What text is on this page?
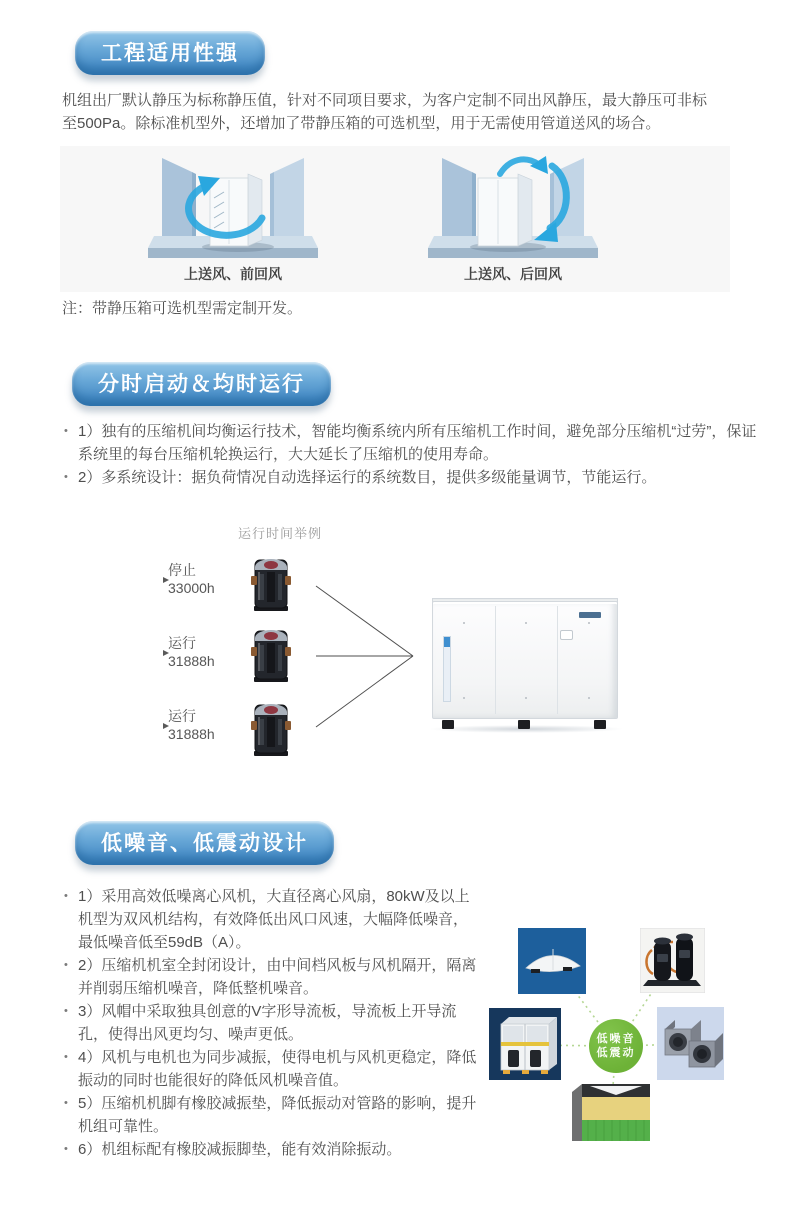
工程适用性强
机组出厂默认静压为标称静压值，针对不同项目要求，为客户定制不同出风静压，最大静压可非标
至500Pa。除标准机型外，还增加了带静压箱的可选机型，用于无需使用管道送风的场合。
上送风、前回风	上送风、后回风
注：带静压箱可选机型需定制开发。
分时启动＆均时运行
• 1）独有的压缩机间均衡运行技术，智能均衡系统内所有压缩机工作时间，避免部分压缩机“过劳”，保证系统里的每台压缩机轮换运行，大大延长了压缩机的使用寿命。
• 2）多系统设计：据负荷情况自动选择运行的系统数目，提供多级能量调节，节能运行。
运行时间举例
停止
33000h
运行
31888h
运行
31888h
低噪音、低震动设计
• 1）采用高效低噪离心风机，大直径离心风扇，80kW及以上机型为双风机结构，有效降低出风口风速，大幅降低噪音，最低噪音低至59dB（A）。
• 2）压缩机机室全封闭设计，由中间档风板与风机隔开，隔离并削弱压缩机噪音，降低整机噪音。
• 3）风帽中采取独具创意的V字形导流板，导流板上开导流孔，使得出风更均匀、噪声更低。
• 4）风机与电机也为同步减振，使得电机与风机更稳定，降低振动的同时也能很好的降低风机噪音值。
• 5）压缩机机脚有橡胶减振垫，降低振动对管路的影响，提升机组可靠性。
• 6）机组标配有橡胶减振脚垫，能有效消除振动。
低噪音
低震动
